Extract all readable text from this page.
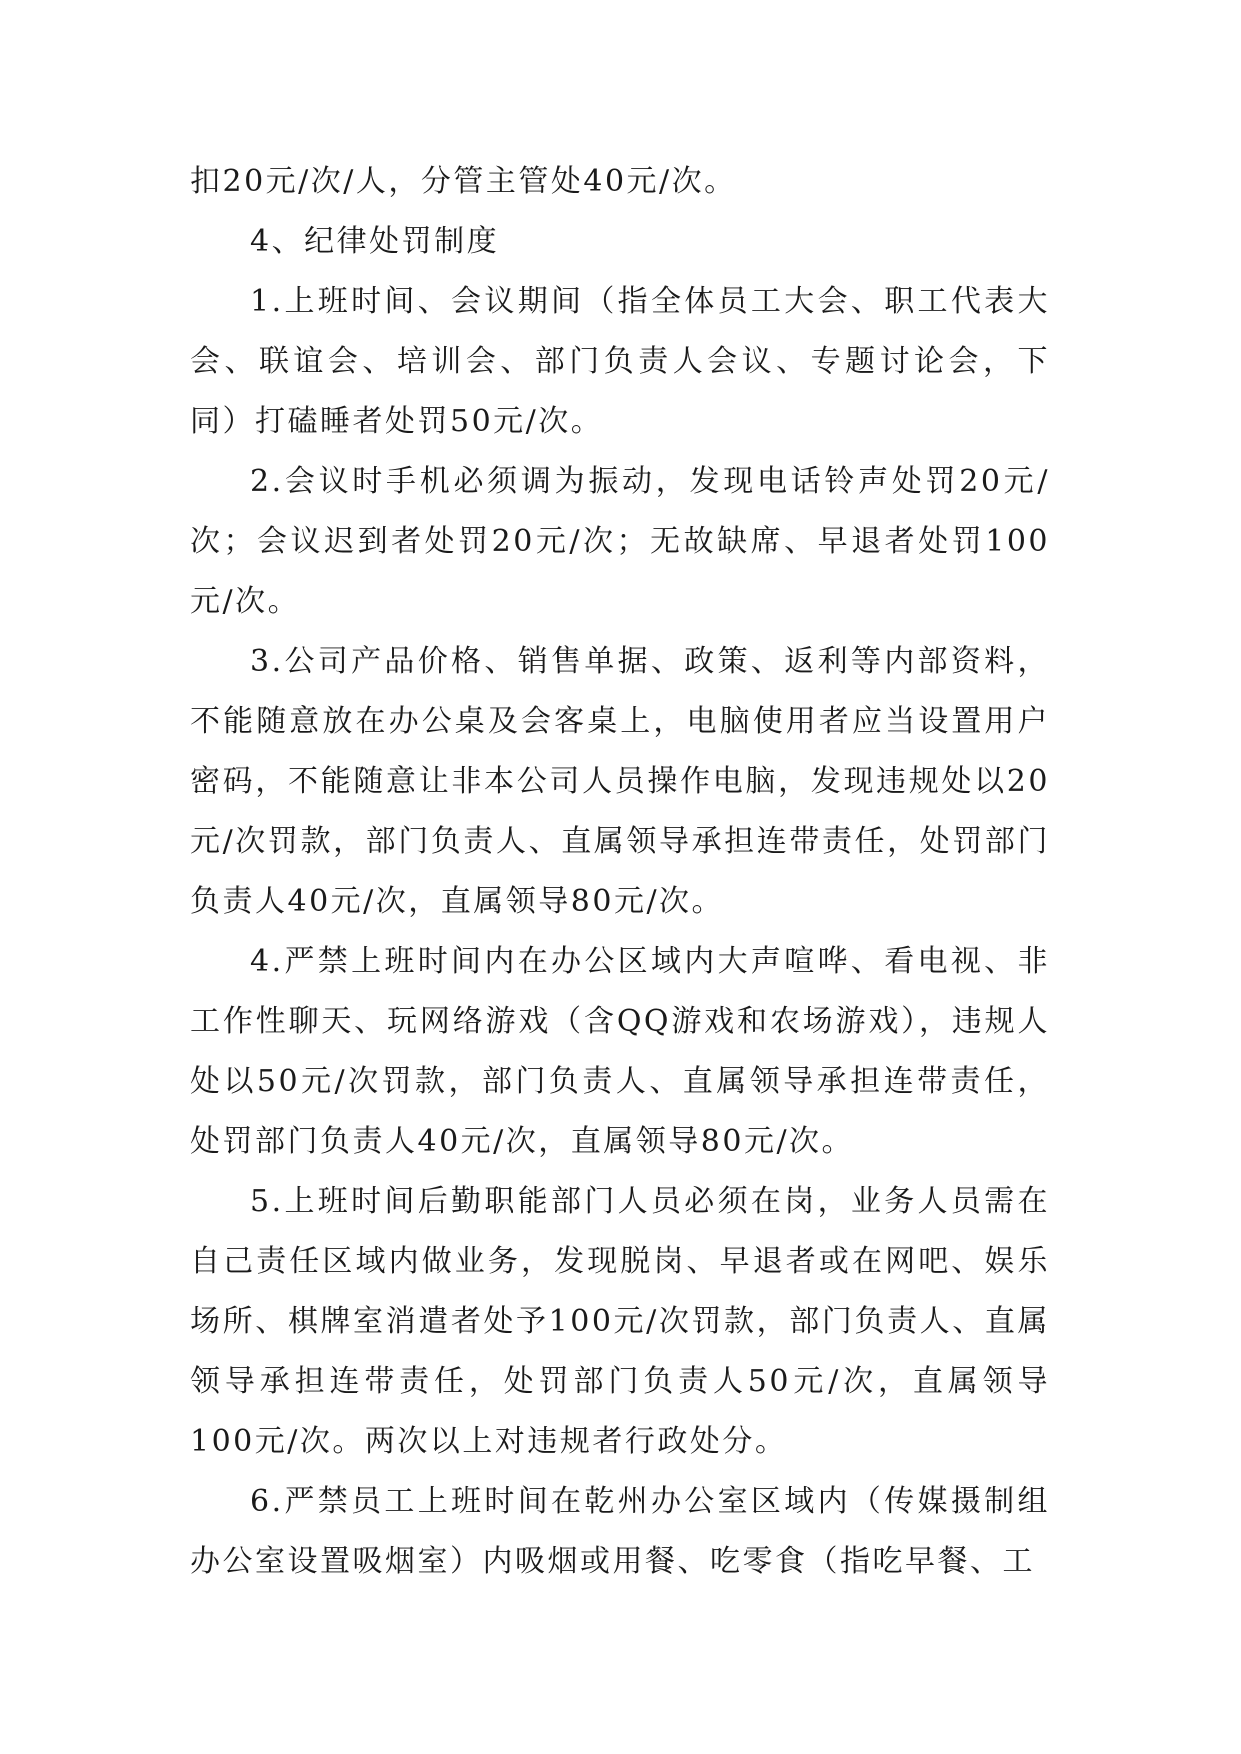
扣20元/次/人，分管主管处40元/次。

4、纪律处罚制度

1.上班时间、会议期间（指全体员工大会、职工代表大会、联谊会、培训会、部门负责人会议、专题讨论会，下同）打磕睡者处罚50元/次。

2.会议时手机必须调为振动，发现电话铃声处罚20元/次；会议迟到者处罚20元/次；无故缺席、早退者处罚100元/次。

3.公司产品价格、销售单据、政策、返利等内部资料，不能随意放在办公桌及会客桌上，电脑使用者应当设置用户密码，不能随意让非本公司人员操作电脑，发现违规处以20元/次罚款，部门负责人、直属领导承担连带责任，处罚部门负责人40元/次，直属领导80元/次。

4.严禁上班时间内在办公区域内大声喧哗、看电视、非工作性聊天、玩网络游戏（含QQ游戏和农场游戏），违规人处以50元/次罚款，部门负责人、直属领导承担连带责任，处罚部门负责人40元/次，直属领导80元/次。

5.上班时间后勤职能部门人员必须在岗，业务人员需在自己责任区域内做业务，发现脱岗、早退者或在网吧、娱乐场所、棋牌室消遣者处予100元/次罚款，部门负责人、直属领导承担连带责任，处罚部门负责人50元/次，直属领导100元/次。两次以上对违规者行政处分。

6.严禁员工上班时间在乾州办公室区域内（传媒摄制组办公室设置吸烟室）内吸烟或用餐、吃零食（指吃早餐、工
